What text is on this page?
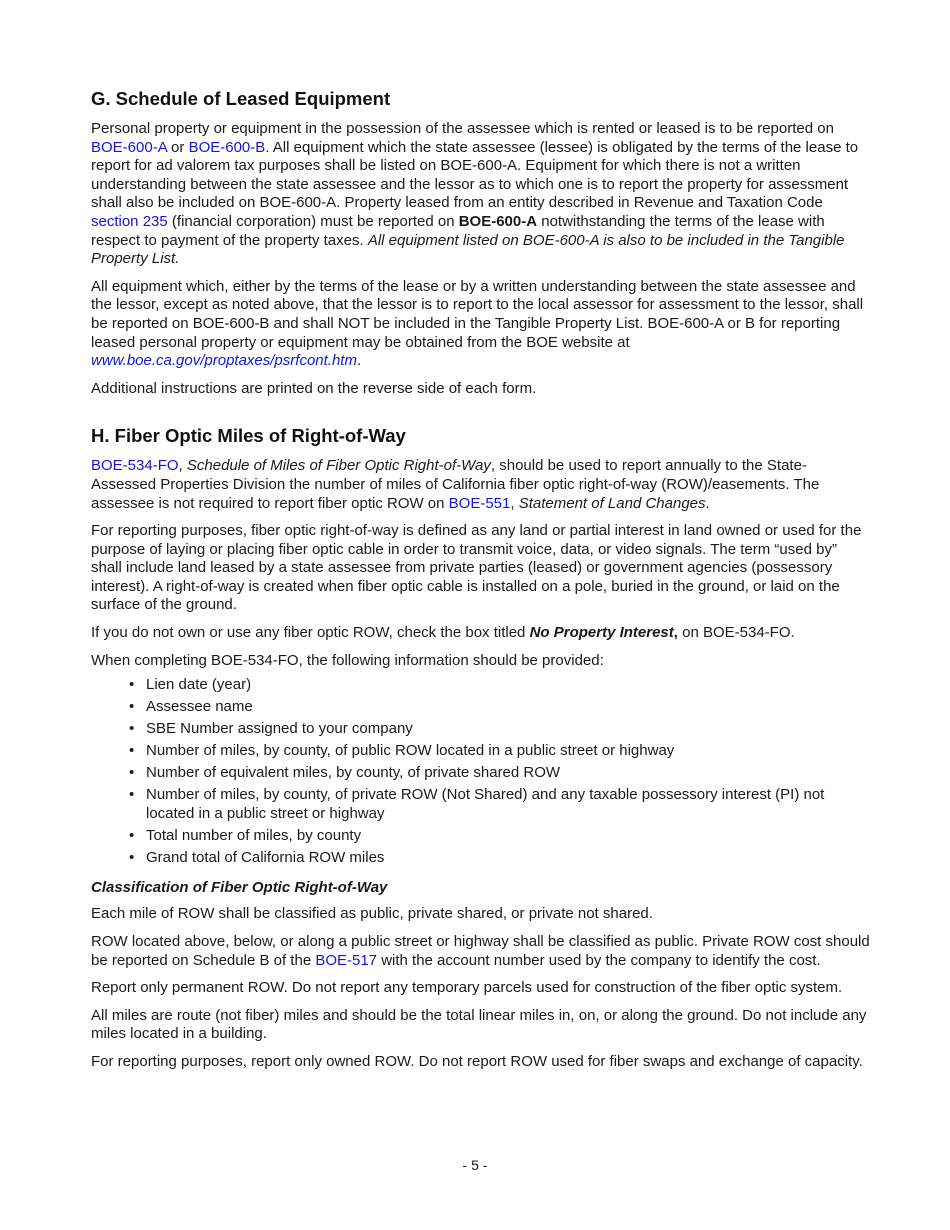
G. Schedule of Leased Equipment

Personal property or equipment in the possession of the assessee which is rented or leased is to be reported on BOE-600-A or BOE-600-B. All equipment which the state assessee (lessee) is obligated by the terms of the lease to report for ad valorem tax purposes shall be listed on BOE-600-A. Equipment for which there is not a written understanding between the state assessee and the lessor as to which one is to report the property for assessment shall also be included on BOE-600-A. Property leased from an entity described in Revenue and Taxation Code section 235 (financial corporation) must be reported on BOE-600-A notwithstanding the terms of the lease with respect to payment of the property taxes. All equipment listed on BOE-600-A is also to be included in the Tangible Property List.

All equipment which, either by the terms of the lease or by a written understanding between the state assessee and the lessor, except as noted above, that the lessor is to report to the local assessor for assessment to the lessor, shall be reported on BOE-600-B and shall NOT be included in the Tangible Property List. BOE-600-A or B for reporting leased personal property or equipment may be obtained from the BOE website at www.boe.ca.gov/proptaxes/psrfcont.htm.

Additional instructions are printed on the reverse side of each form.

H. Fiber Optic Miles of Right-of-Way

BOE-534-FO, Schedule of Miles of Fiber Optic Right-of-Way, should be used to report annually to the State-Assessed Properties Division the number of miles of California fiber optic right-of-way (ROW)/easements. The assessee is not required to report fiber optic ROW on BOE-551, Statement of Land Changes.

For reporting purposes, fiber optic right-of-way is defined as any land or partial interest in land owned or used for the purpose of laying or placing fiber optic cable in order to transmit voice, data, or video signals. The term “used by” shall include land leased by a state assessee from private parties (leased) or government agencies (possessory interest). A right-of-way is created when fiber optic cable is installed on a pole, buried in the ground, or laid on the surface of the ground.

If you do not own or use any fiber optic ROW, check the box titled No Property Interest, on BOE-534-FO.

When completing BOE-534-FO, the following information should be provided:

• Lien date (year)
• Assessee name
• SBE Number assigned to your company
• Number of miles, by county, of public ROW located in a public street or highway
• Number of equivalent miles, by county, of private shared ROW
• Number of miles, by county, of private ROW (Not Shared) and any taxable possessory interest (PI) not located in a public street or highway
• Total number of miles, by county
• Grand total of California ROW miles
Classification of Fiber Optic Right-of-Way

Each mile of ROW shall be classified as public, private shared, or private not shared.

ROW located above, below, or along a public street or highway shall be classified as public. Private ROW cost should be reported on Schedule B of the BOE-517 with the account number used by the company to identify the cost.

Report only permanent ROW. Do not report any temporary parcels used for construction of the fiber optic system.

All miles are route (not fiber) miles and should be the total linear miles in, on, or along the ground. Do not include any miles located in a building.

For reporting purposes, report only owned ROW. Do not report ROW used for fiber swaps and exchange of capacity.

- 5 -
